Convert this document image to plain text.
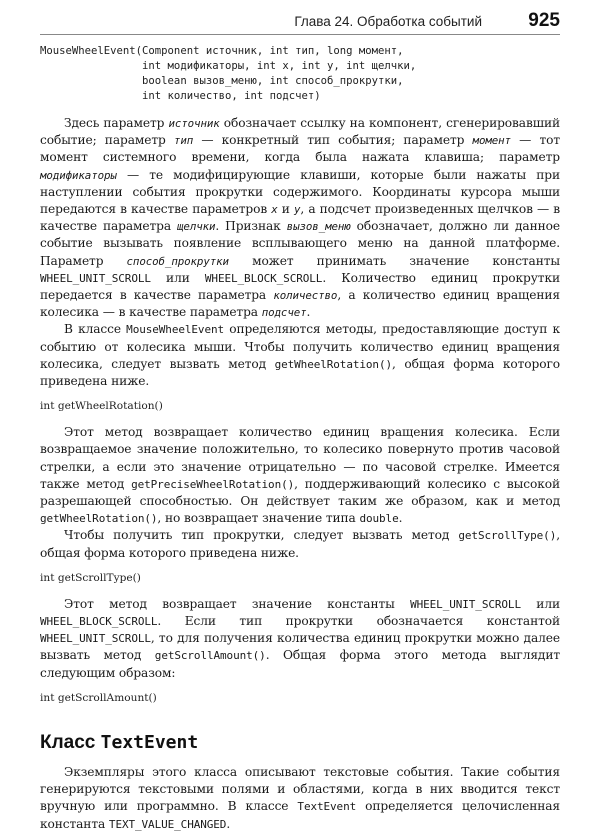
Глава 24. Обработка событий 925
MouseWheelEvent(Component источник, int тип, long момент,
int модификаторы, int x, int y, int щелчки,
boolean вызов_меню, int способ_прокрутки,
int количество, int подсчет)

Здесь параметр источник обозначает ссылку на компонент, сгенерировавший событие; параметр тип — конкретный тип события; параметр момент — тот момент системного времени, когда была нажата клавиша; параметр модификаторы — те модифицирующие клавиши, которые были нажаты при наступлении события прокрутки содержимого. Координаты курсора мыши передаются в качестве параметров x и y, а подсчет произведенных щелчков — в качестве параметра щелчки. Признак вызов_меню обозначает, должно ли данное событие вызывать появление всплывающего меню на данной платформе. Параметр способ_прокрутки может принимать значение константы WHEEL_UNIT_SCROLL или WHEEL_BLOCK_SCROLL. Количество единиц прокрутки передается в качестве параметра количество, а количество единиц вращения колесика — в качестве параметра подсчет.

В классе MouseWheelEvent определяются методы, предоставляющие доступ к событию от колесика мыши. Чтобы получить количество единиц вращения колесика, следует вызвать метод getWheelRotation(), общая форма которого приведена ниже.

int getWheelRotation()

Этот метод возвращает количество единиц вращения колесика. Если возвращаемое значение положительно, то колесико повернуто против часовой стрелки, а если это значение отрицательно — по часовой стрелке. Имеется также метод getPreciseWheelRotation(), поддерживающий колесико с высокой разрешающей способностью. Он действует таким же образом, как и метод getWheelRotation(), но возвращает значение типа double.

Чтобы получить тип прокрутки, следует вызвать метод getScrollType(), общая форма которого приведена ниже.

int getScrollType()

Этот метод возвращает значение константы WHEEL_UNIT_SCROLL или WHEEL_BLOCK_SCROLL. Если тип прокрутки обозначается константой WHEEL_UNIT_SCROLL, то для получения количества единиц прокрутки можно далее вызвать метод getScrollAmount(). Общая форма этого метода выглядит следующим образом:

int getScrollAmount()

Класс TextEvent

Экземпляры этого класса описывают текстовые события. Такие события генерируются текстовыми полями и областями, когда в них вводится текст вручную или программно. В классе TextEvent определяется целочисленная константа TEXT_VALUE_CHANGED.
